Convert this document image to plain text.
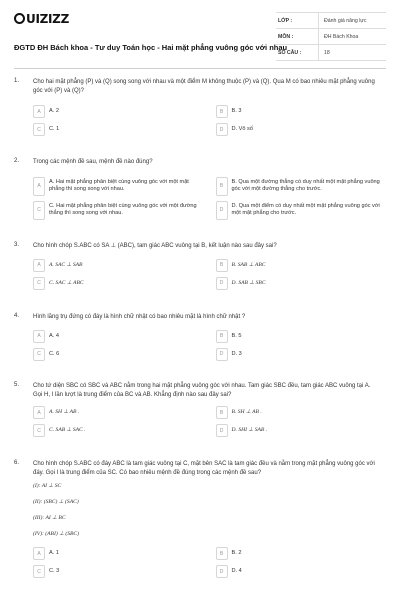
UIZIZZ
ĐGTD ĐH Bách khoa - Tư duy Toán học - Hai mặt phẳng vuông góc với nhau
LỚP :	Đánh giá năng lực
MÔN :	ĐH Bách Khoa
SỐ CÂU :	18
1. Cho hai mặt phẳng (P) và (Q) song song với nhau và một điểm M không thuộc (P) và (Q). Qua M có bao nhiêu mặt phẳng vuông góc với (P) và (Q)?
A	A. 2	B	B. 3
C	C. 1	D	D. Vô số
2. Trong các mệnh đề sau, mệnh đề nào đúng?
A
A. Hai mặt phẳng phân biệt cùng vuông góc với một mặt phẳng thì song song với nhau.	B
B. Qua một đường thẳng có duy nhất một mặt phẳng vuông góc với một đường thẳng cho trước.
C
C. Hai mặt phẳng phân biệt cùng vuông góc với một đường thẳng thì song song với nhau.	D
D. Qua một điểm có duy nhất một mặt phẳng vuông góc với một mặt phẳng cho trước.
3. Cho hình chóp S.ABC có SA ⊥ (ABC), tam giác ABC vuông tại B, kết luận nào sau đây sai?
A	A. SAC ⊥ SAB	B	B. SAB ⊥ ABC
C	C. SAC ⊥ ABC	D	D. SAB ⊥ SBC
4. Hình lăng trụ đứng có đáy là hình chữ nhật có bao nhiêu mặt là hình chữ nhật ?
A	A. 4	B	B. 5
C	C. 6	D	D. 3
5. Cho tứ diện SBC có SBC và ABC nằm trong hai mặt phẳng vuông góc với nhau. Tam giác SBC đều, tam giác ABC vuông tại A. Gọi H, I lần lượt là trung điểm của BC và AB. Khẳng định nào sau đây sai?
A	A. SH ⊥ AB .	B	B. SH ⊥ AB .
C	C. SAB ⊥ SAC .	D	D. SHI ⊥ SAB .
6. Cho hình chóp S.ABC có đáy ABC là tam giác vuông tại C, mặt bên SAC là tam giác đều và nằm trong mặt phẳng vuông góc với đáy. Gọi I là trung điểm của SC. Có bao nhiêu mệnh đề đúng trong các mệnh đề sau?
(I): AI ⊥ SC
(II): (SBC) ⊥ (SAC)
(III): AI ⊥ BC
(IV): (ABI) ⊥ (SBC)
A	A. 1	B	B. 2
C	C. 3	D	D. 4
